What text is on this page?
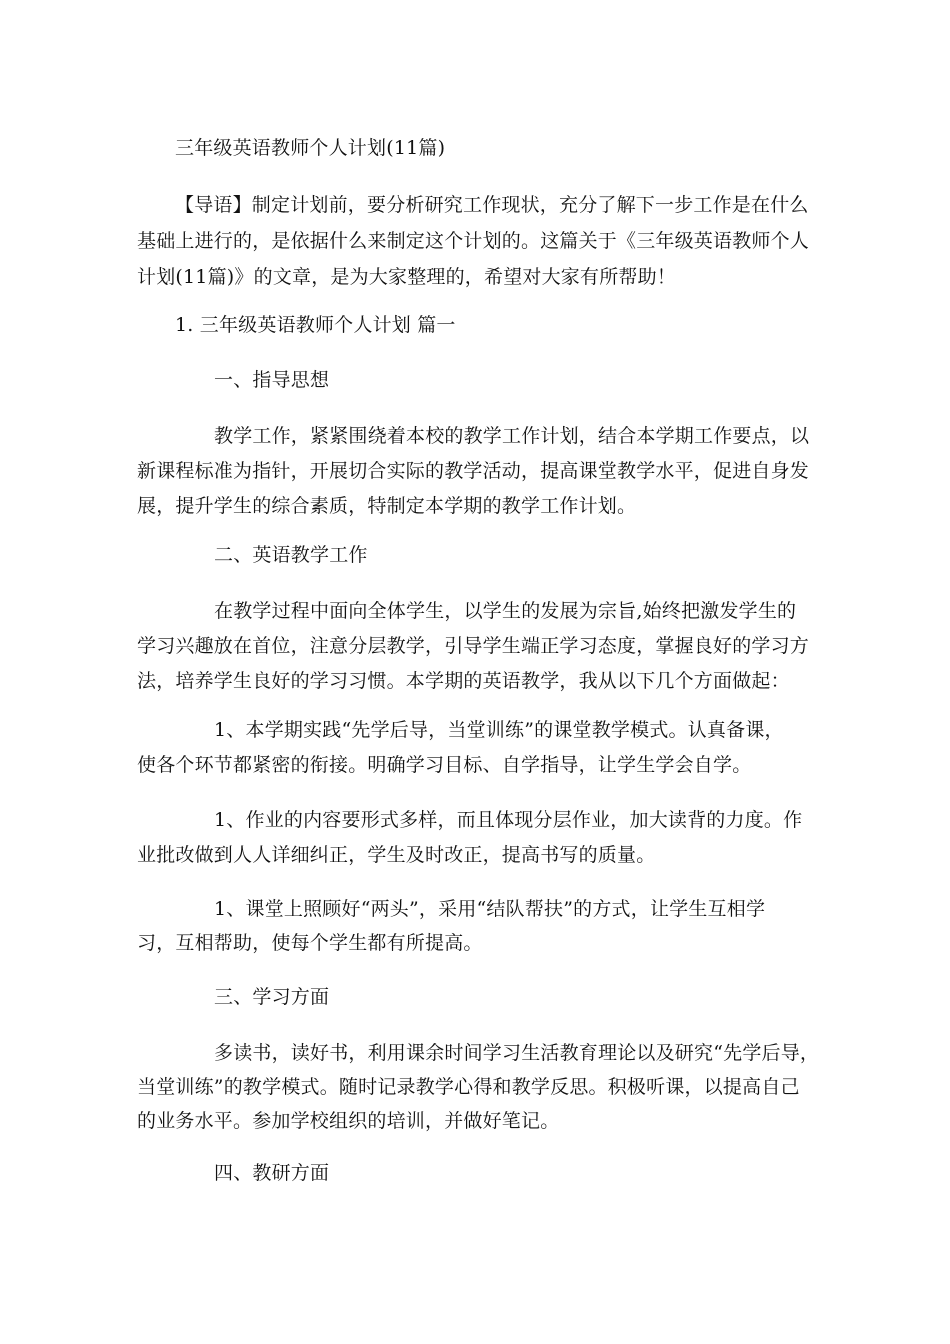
三年级英语教师个人计划(11篇)
【导语】制定计划前，要分析研究工作现状，充分了解下一步工作是在什么
基础上进行的，是依据什么来制定这个计划的。这篇关于《三年级英语教师个人
计划(11篇)》的文章，是为大家整理的，希望对大家有所帮助！
1. 三年级英语教师个人计划 篇一
一、指导思想
教学工作，紧紧围绕着本校的教学工作计划，结合本学期工作要点，以
新课程标准为指针，开展切合实际的教学活动，提高课堂教学水平，促进自身发
展，提升学生的综合素质，特制定本学期的教学工作计划。
二、英语教学工作
在教学过程中面向全体学生，以学生的发展为宗旨,始终把激发学生的
学习兴趣放在首位，注意分层教学，引导学生端正学习态度，掌握良好的学习方
法，培养学生良好的学习习惯。本学期的英语教学，我从以下几个方面做起：
1、本学期实践“先学后导，当堂训练”的课堂教学模式。认真备课，
使各个环节都紧密的衔接。明确学习目标、自学指导，让学生学会自学。
1、作业的内容要形式多样，而且体现分层作业，加大读背的力度。作
业批改做到人人详细纠正，学生及时改正，提高书写的质量。
1、课堂上照顾好“两头”，采用“结队帮扶”的方式，让学生互相学
习，互相帮助，使每个学生都有所提高。
三、学习方面
多读书，读好书，利用课余时间学习生活教育理论以及研究“先学后导，
当堂训练”的教学模式。随时记录教学心得和教学反思。积极听课，以提高自己
的业务水平。参加学校组织的培训，并做好笔记。
四、教研方面
